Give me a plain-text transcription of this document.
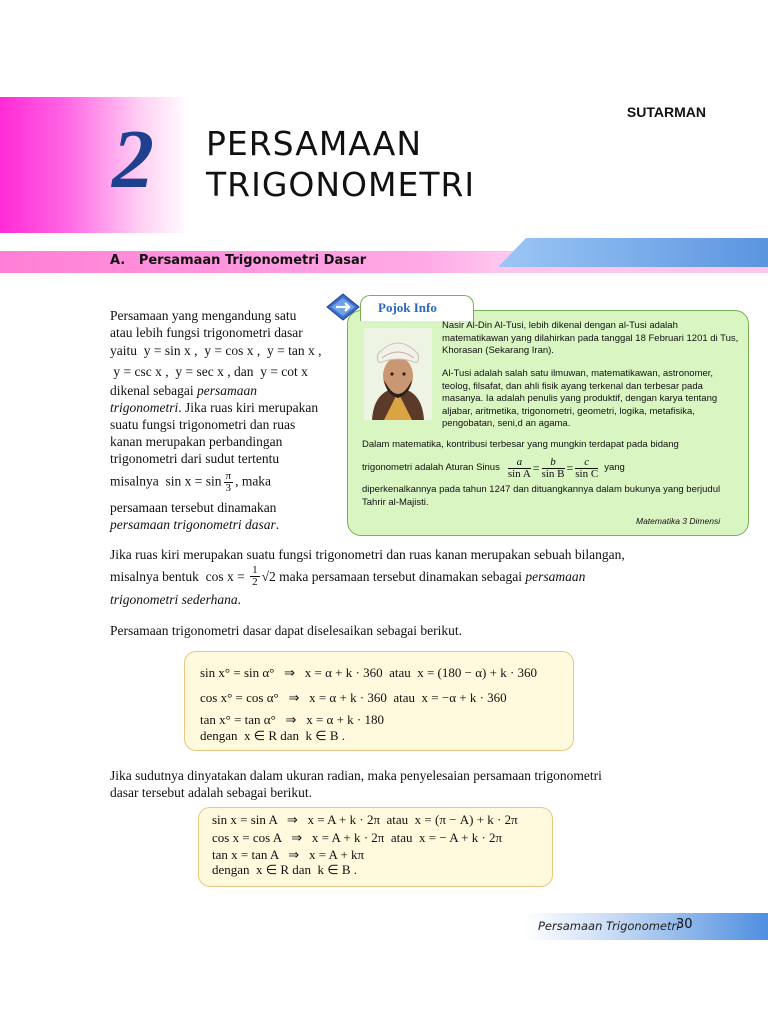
2 PERSAMAAN
TRIGONOMETRI
SUTARMAN
A.   Persamaan Trigonometri Dasar
Persamaan yang mengandung satu
atau lebih fungsi trigonometri dasar
yaitu  y = sin x ,  y = cos x ,  y = tan x ,
y = csc x ,  y = sec x , dan  y = cot x
dikenal sebagai persamaan
trigonometri. Jika ruas kiri merupakan
suatu fungsi trigonometri dan ruas
kanan merupakan perbandingan
trigonometri dari sudut tertentu
misalnya  $\sin x = \sin \frac{\pi}{3}$ , maka
persamaan tersebut dinamakan
persamaan trigonometri dasar.
Pojok Info
Nasir Al-Din Al-Tusi, lebih dikenal dengan al-Tusi adalah matematikawan yang dilahirkan pada tanggal 18 Februari 1201 di Tus, Khorasan (Sekarang Iran).
Al-Tusi adalah salah satu ilmuwan, matematikawan, astronomer, teolog, filsafat, dan ahli fisik ayang terkenal dan terbesar pada masanya. Ia adalah penulis yang produktif, dengan karya tentang aljabar, aritmetika, trigonometri, geometri, logika, metafisika, pengobatan, seni,d an agama.
Dalam matematika, kontribusi terbesar yang mungkin terdapat pada bidang
trigonometri adalah Aturan Sinus $\frac{a}{\text{sin A}} = \frac{b}{\text{sin B}} = \frac{c}{\text{sin C}}$ yang
diperkenalkannya pada tahun 1247 dan dituangkannya dalam bukunya yang berjudul Tahrir al-Majisti.
Matematika 3 Dimensi
Jika ruas kiri merupakan suatu fungsi trigonometri dan ruas kanan merupakan sebuah bilangan,
misalnya bentuk  $\cos x = \frac{1}{2} √2$ maka persamaan tersebut dinamakan sebagai persamaan
trigonometri sederhana.
Persamaan trigonometri dasar dapat diselesaikan sebagai berikut.
sin x° = sin α°   ⇒   x = α + k · 360  atau  x = (180 − α) + k · 360
cos x° = cos α°   ⇒   x = α + k · 360  atau  x = −α + k · 360
tan x° = tan α°   ⇒   x = α + k · 180
dengan  x ∈ R dan  k ∈ B .
Jika sudutnya dinyatakan dalam ukuran radian, maka penyelesaian persamaan trigonometri
dasar tersebut adalah sebagai berikut.
sin x = sin A   ⇒   x = A + k · 2π  atau  x = (π − A) + k · 2π
cos x = cos A   ⇒   x = A + k · 2π  atau  x = − A + k · 2π
tan x = tan A   ⇒   x = A + kπ
dengan  x ∈ R dan  k ∈ B .
Persamaan Trigonometri
30
